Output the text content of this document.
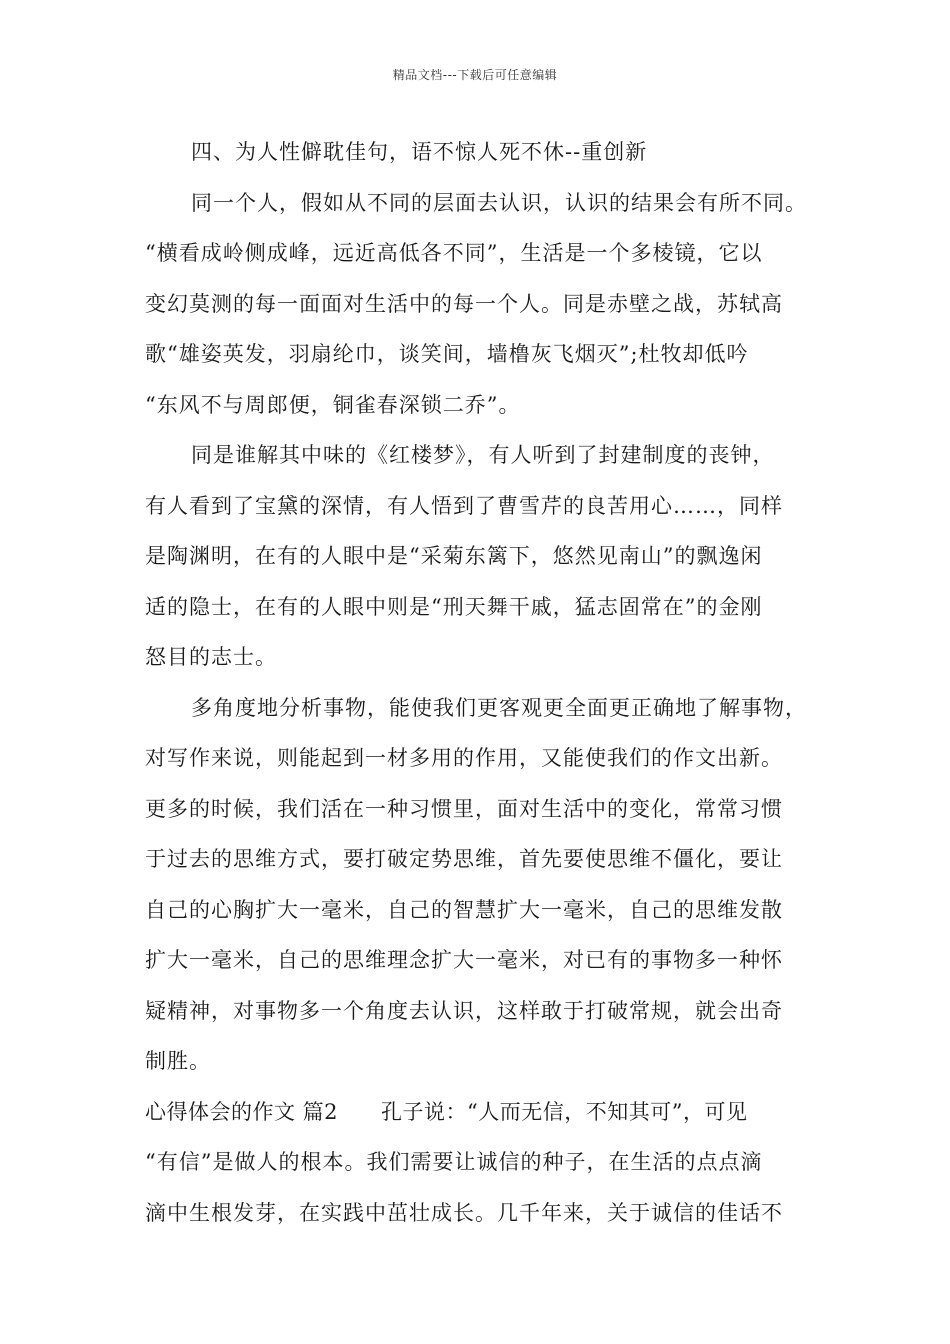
精品文档---下载后可任意编辑
四、为人性僻耽佳句，语不惊人死不休--重创新
同一个人，假如从不同的层面去认识，认识的结果会有所不同。
“横看成岭侧成峰，远近高低各不同”，生活是一个多棱镜，它以
变幻莫测的每一面面对生活中的每一个人。同是赤壁之战，苏轼高
歌“雄姿英发，羽扇纶巾，谈笑间，墙橹灰飞烟灭”;杜牧却低吟
“东风不与周郎便，铜雀春深锁二乔”。
同是谁解其中味的《红楼梦》，有人听到了封建制度的丧钟，
有人看到了宝黛的深情，有人悟到了曹雪芹的良苦用心……，同样
是陶渊明，在有的人眼中是“采菊东篱下，悠然见南山”的飘逸闲
适的隐士，在有的人眼中则是“刑天舞干戚，猛志固常在”的金刚
怒目的志士。
多角度地分析事物，能使我们更客观更全面更正确地了解事物，
对写作来说，则能起到一材多用的作用，又能使我们的作文出新。
更多的时候，我们活在一种习惯里，面对生活中的变化，常常习惯
于过去的思维方式，要打破定势思维，首先要使思维不僵化，要让
自己的心胸扩大一毫米，自己的智慧扩大一毫米，自己的思维发散
扩大一毫米，自己的思维理念扩大一毫米，对已有的事物多一种怀
疑精神，对事物多一个角度去认识，这样敢于打破常规，就会出奇
制胜。
心得体会的作文 篇2　　孔子说：“人而无信，不知其可”，可见
“有信”是做人的根本。我们需要让诚信的种子，在生活的点点滴
滴中生根发芽，在实践中茁壮成长。几千年来，关于诚信的佳话不
